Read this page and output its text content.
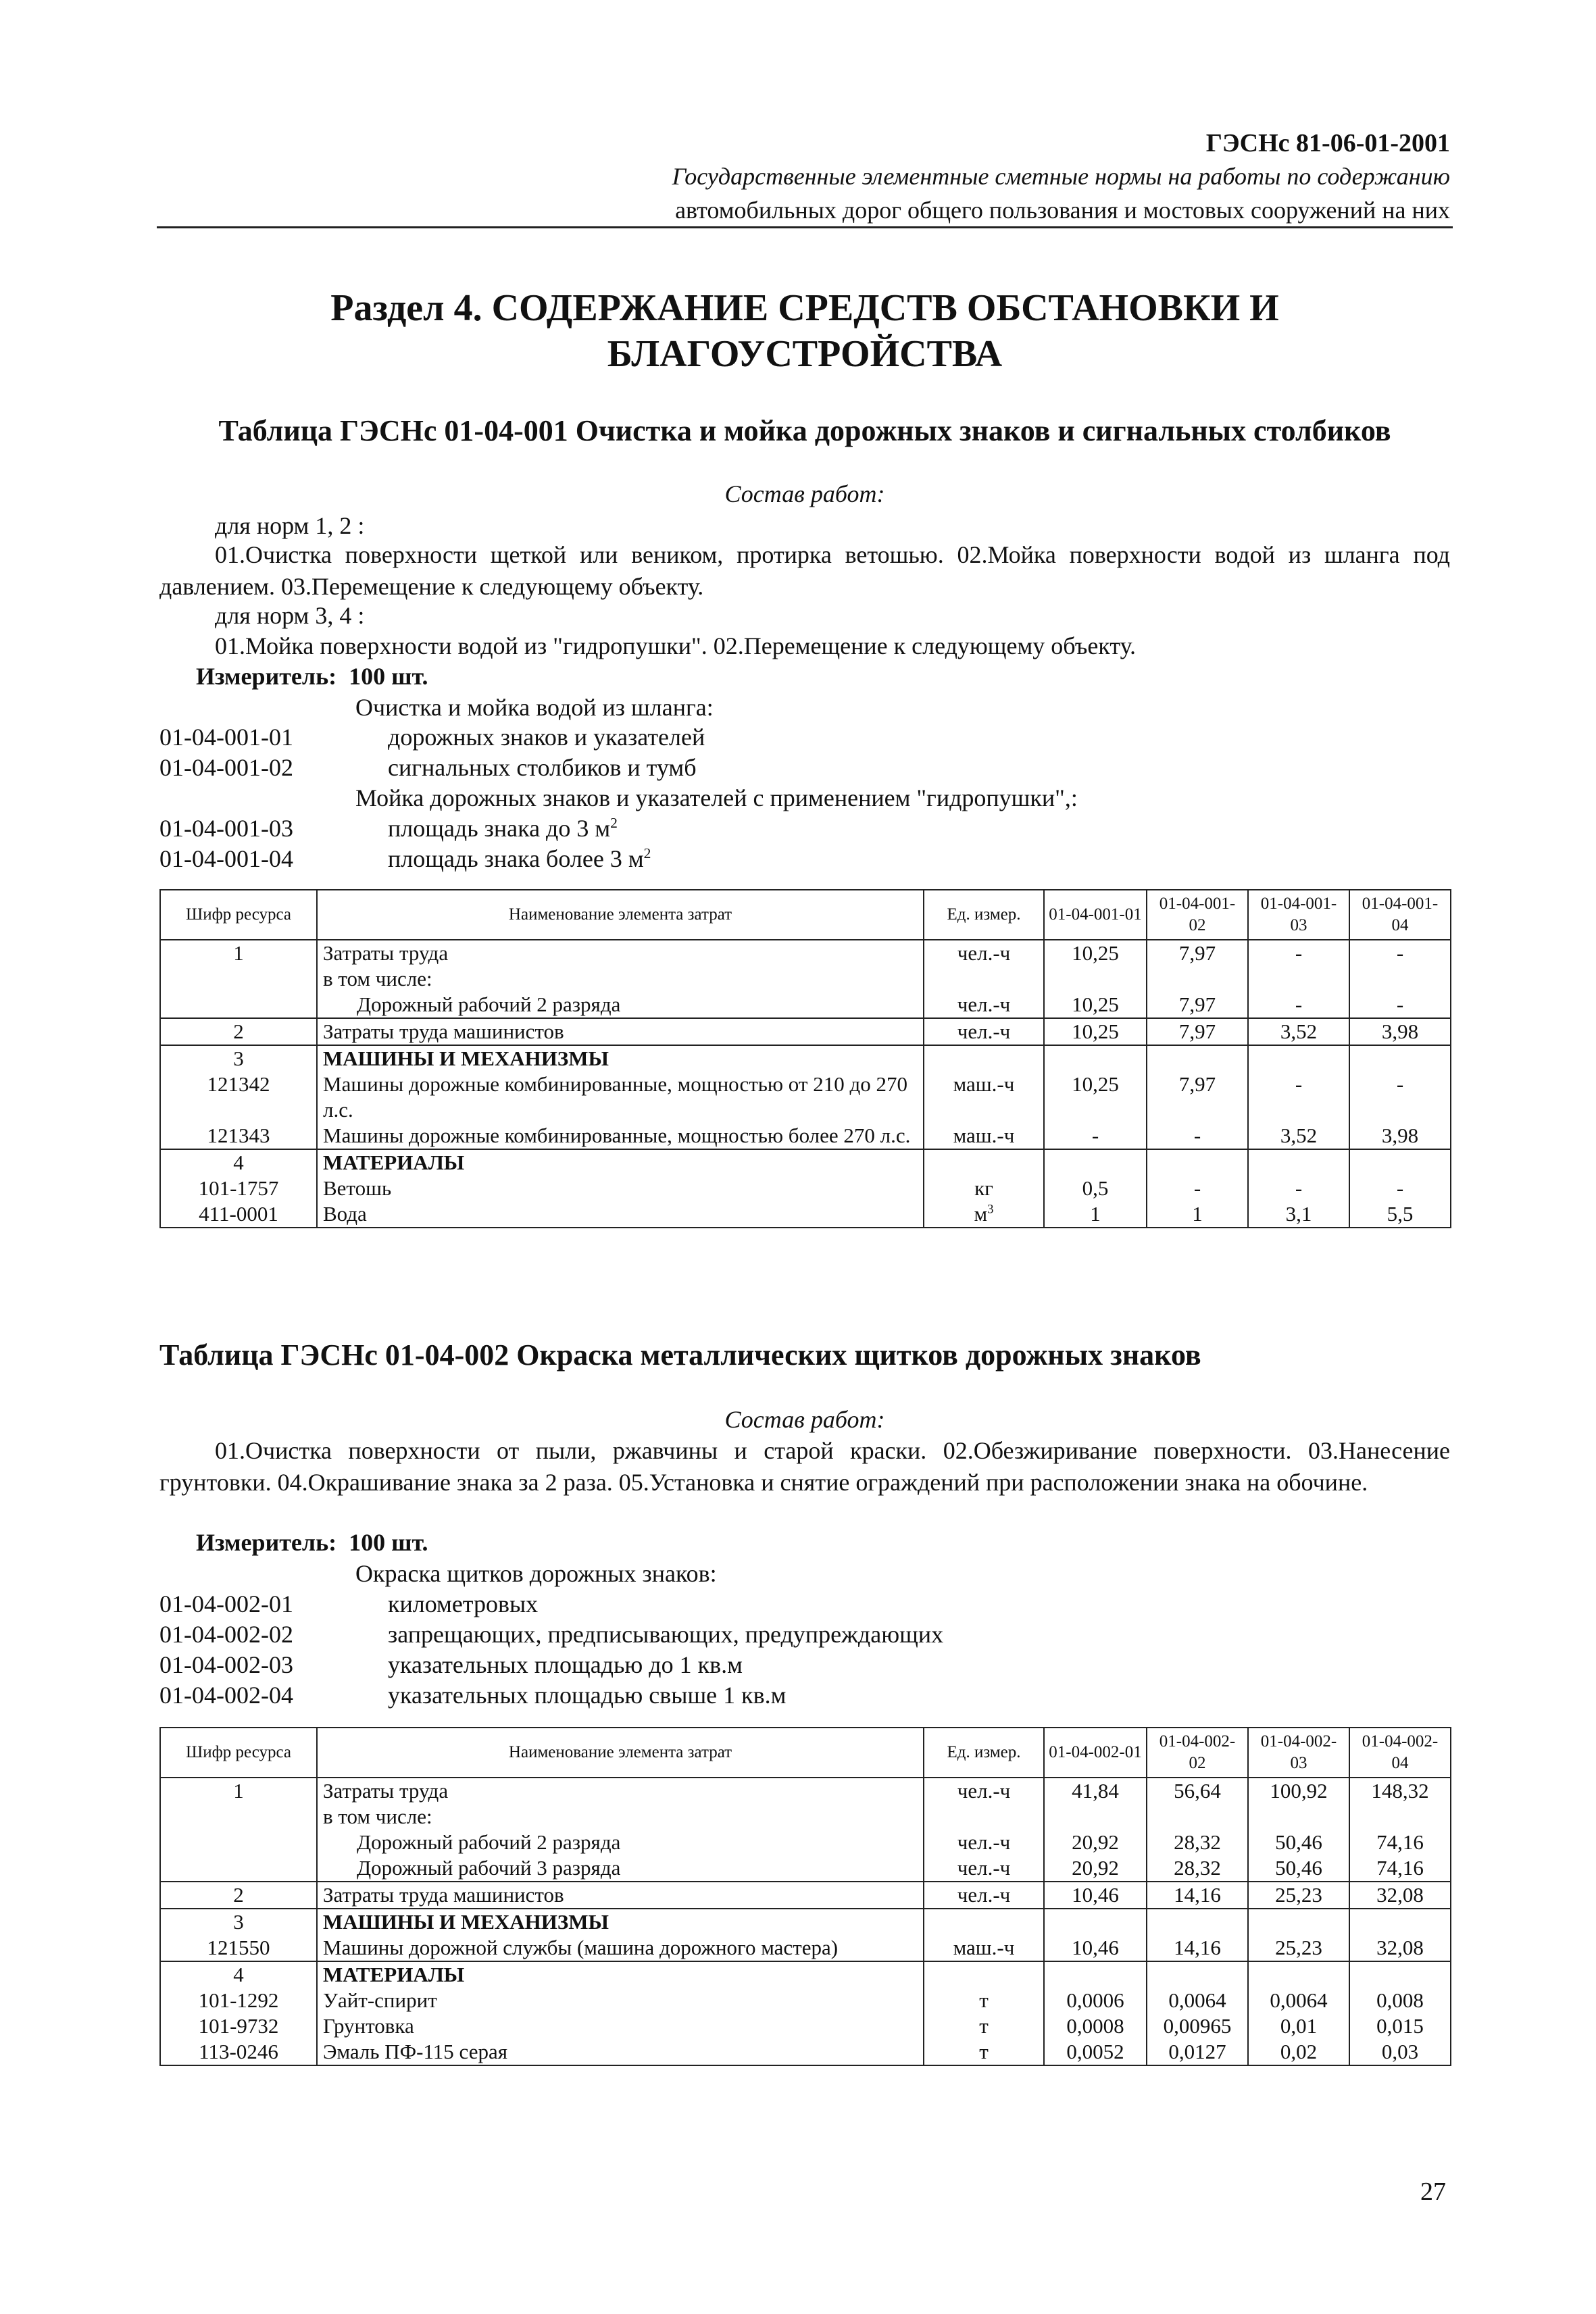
ГЭСНс 81-06-01-2001
Государственные элементные сметные нормы на работы по содержанию
автомобильных дорог общего пользования и мостовых сооружений на них
Раздел 4. СОДЕРЖАНИЕ СРЕДСТВ ОБСТАНОВКИ И
БЛАГОУСТРОЙСТВА
Таблица ГЭСНс 01-04-001 Очистка и мойка дорожных знаков и сигнальных столбиков
Состав работ:
для норм 1, 2 :
01.Очистка поверхности щеткой или веником, протирка ветошью. 02.Мойка поверхности водой из шланга под давлением. 03.Перемещение к следующему объекту.
для норм 3, 4 :
01.Мойка поверхности водой из "гидропушки". 02.Перемещение к следующему объекту.
Измеритель: 100 шт.
Очистка и мойка водой из шланга:
01-04-001-01	дорожных знаков и указателей
01-04-001-02	сигнальных столбиков и тумб
Мойка дорожных знаков и указателей с применением "гидропушки",:
01-04-001-03	площадь знака до 3 $м^2$
01-04-001-04	площадь знака более 3 $м^2$
Шифр ресурса	Наименование элемента затрат	Ед. измер.	01-04-001-01	01-04-001-02	01-04-001-03	01-04-001-04
1	Затраты труда	чел.-ч	10,25	7,97	-	-
	в том числе:					
	Дорожный рабочий 2 разряда	чел.-ч	10,25	7,97	-	-
2	Затраты труда машинистов	чел.-ч	10,25	7,97	3,52	3,98
3	МАШИНЫ И МЕХАНИЗМЫ					
121342	Машины дорожные комбинированные, мощностью от 210 до 270 л.с.	маш.-ч	10,25	7,97	-	-
121343	Машины дорожные комбинированные, мощностью более 270 л.с.	маш.-ч	-	-	3,52	3,98
4	МАТЕРИАЛЫ					
101-1757	Ветошь	кг	0,5	-	-	-
411-0001	Вода	$м^3$	1	1	3,1	5,5
Таблица ГЭСНс 01-04-002 Окраска металлических щитков дорожных знаков
Состав работ:
01.Очистка поверхности от пыли, ржавчины и старой краски. 02.Обезжиривание поверхности. 03.Нанесение грунтовки. 04.Окрашивание знака за 2 раза. 05.Установка и снятие ограждений при расположении знака на обочине.
Измеритель: 100 шт.
Окраска щитков дорожных знаков:
01-04-002-01	километровых
01-04-002-02	запрещающих, предписывающих, предупреждающих
01-04-002-03	указательных площадью до 1 кв.м
01-04-002-04	указательных площадью свыше 1 кв.м
Шифр ресурса	Наименование элемента затрат	Ед. измер.	01-04-002-01	01-04-002-02	01-04-002-03	01-04-002-04
1	Затраты труда	чел.-ч	41,84	56,64	100,92	148,32
	в том числе:					
	Дорожный рабочий 2 разряда	чел.-ч	20,92	28,32	50,46	74,16
	Дорожный рабочий 3 разряда	чел.-ч	20,92	28,32	50,46	74,16
2	Затраты труда машинистов	чел.-ч	10,46	14,16	25,23	32,08
3	МАШИНЫ И МЕХАНИЗМЫ					
121550	Машины дорожной службы (машина дорожного мастера)	маш.-ч	10,46	14,16	25,23	32,08
4	МАТЕРИАЛЫ					
101-1292	Уайт-спирит	т	0,0006	0,0064	0,0064	0,008
101-9732	Грунтовка	т	0,0008	0,00965	0,01	0,015
113-0246	Эмаль ПФ-115 серая	т	0,0052	0,0127	0,02	0,03
27
